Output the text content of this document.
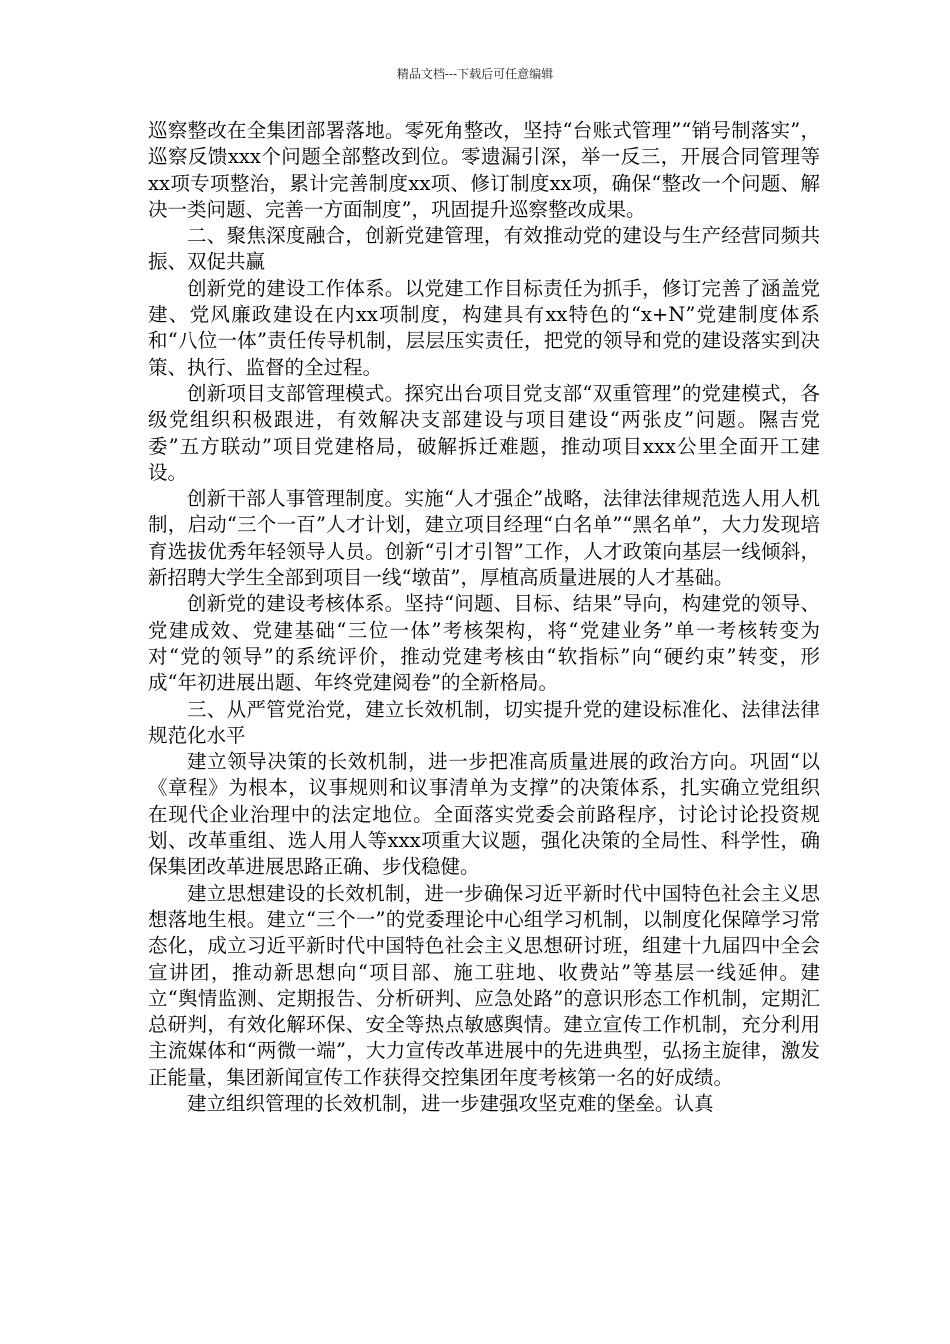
精品文档---下载后可任意编辑

巡察整改在全集团部署落地。零死角整改，坚持“台账式管理”“销号制落实”，巡察反馈xxx个问题全部整改到位。零遗漏引深，举一反三，开展合同管理等xx项专项整治，累计完善制度xx项、修订制度xx项，确保“整改一个问题、解决一类问题、完善一方面制度”，巩固提升巡察整改成果。

二、聚焦深度融合，创新党建管理，有效推动党的建设与生产经营同频共振、双促共赢

创新党的建设工作体系。以党建工作目标责任为抓手，修订完善了涵盖党建、党风廉政建设在内xx项制度，构建具有xx特色的“x+N”党建制度体系和“八位一体”责任传导机制，层层压实责任，把党的领导和党的建设落实到决策、执行、监督的全过程。

创新项目支部管理模式。探究出台项目党支部“双重管理”的党建模式，各级党组织积极跟进，有效解决支部建设与项目建设“两张皮”问题。隰吉党委”五方联动”项目党建格局，破解拆迁难题，推动项目xxx公里全面开工建设。

创新干部人事管理制度。实施“人才强企”战略，法律法律规范选人用人机制，启动“三个一百”人才计划，建立项目经理“白名单”“黑名单”，大力发现培育选拔优秀年轻领导人员。创新“引才引智”工作，人才政策向基层一线倾斜，新招聘大学生全部到项目一线“墩苗”，厚植高质量进展的人才基础。

创新党的建设考核体系。坚持“问题、目标、结果”导向，构建党的领导、党建成效、党建基础“三位一体”考核架构，将“党建业务”单一考核转变为对“党的领导”的系统评价，推动党建考核由“软指标”向“硬约束”转变，形成“年初进展出题、年终党建阅卷”的全新格局。

三、从严管党治党，建立长效机制，切实提升党的建设标准化、法律法律规范化水平

建立领导决策的长效机制，进一步把准高质量进展的政治方向。巩固“以《章程》为根本，议事规则和议事清单为支撑”的决策体系，扎实确立党组织在现代企业治理中的法定地位。全面落实党委会前路程序，讨论讨论投资规划、改革重组、选人用人等xxx项重大议题，强化决策的全局性、科学性，确保集团改革进展思路正确、步伐稳健。

建立思想建设的长效机制，进一步确保习近平新时代中国特色社会主义思想落地生根。建立“三个一”的党委理论中心组学习机制，以制度化保障学习常态化，成立习近平新时代中国特色社会主义思想研讨班，组建十九届四中全会宣讲团，推动新思想向“项目部、施工驻地、收费站”等基层一线延伸。建立“舆情监测、定期报告、分析研判、应急处路”的意识形态工作机制，定期汇总研判，有效化解环保、安全等热点敏感舆情。建立宣传工作机制，充分利用主流媒体和“两微一端”，大力宣传改革进展中的先进典型，弘扬主旋律，激发正能量，集团新闻宣传工作获得交控集团年度考核第一名的好成绩。

建立组织管理的长效机制，进一步建强攻坚克难的堡垒。认真
